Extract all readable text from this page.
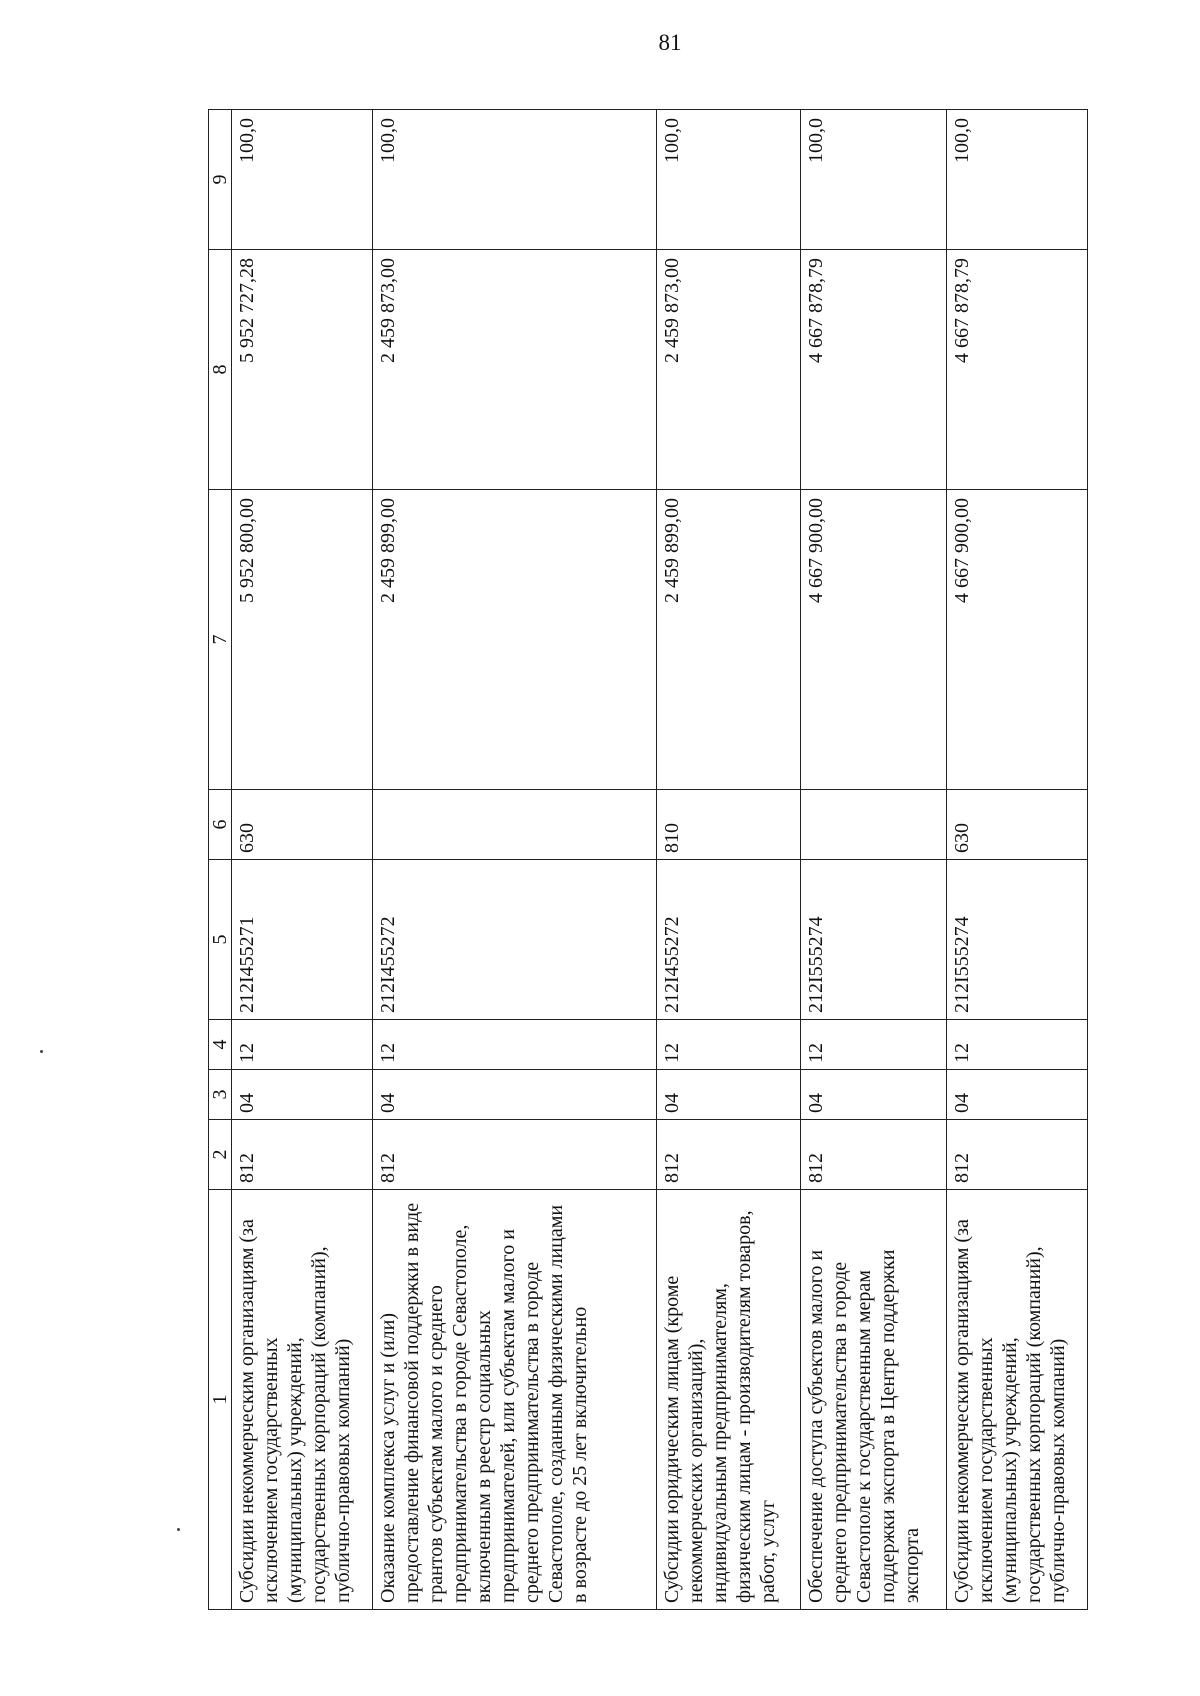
81
1	2	3	4	5	6	7	8	9
Субсидии некоммерческим организациям (за исключением государственных (муниципальных) учреждений, государственных корпораций (компаний), публично-правовых компаний)	812	04	12	212I455271	630	5 952 800,00	5 952 727,28	100,0
Оказание комплекса услуг и (или) предоставление финансовой поддержки в виде грантов субъектам малого и среднего предпринимательства в городе Севастополе, включенным в реестр социальных предпринимателей, или субъектам малого и среднего предпринимательства в городе Севастополе, созданным физическими лицами в возрасте до 25 лет включительно	812	04	12	212I455272		2 459 899,00	2 459 873,00	100,0
Субсидии юридическим лицам (кроме некоммерческих организаций), индивидуальным предпринимателям, физическим лицам - производителям товаров, работ, услуг	812	04	12	212I455272	810	2 459 899,00	2 459 873,00	100,0
Обеспечение доступа субъектов малого и среднего предпринимательства в городе Севастополе к государственным мерам поддержки экспорта в Центре поддержки экспорта	812	04	12	212I555274		4 667 900,00	4 667 878,79	100,0
Субсидии некоммерческим организациям (за исключением государственных (муниципальных) учреждений, государственных корпораций (компаний), публично-правовых компаний)	812	04	12	212I555274	630	4 667 900,00	4 667 878,79	100,0
